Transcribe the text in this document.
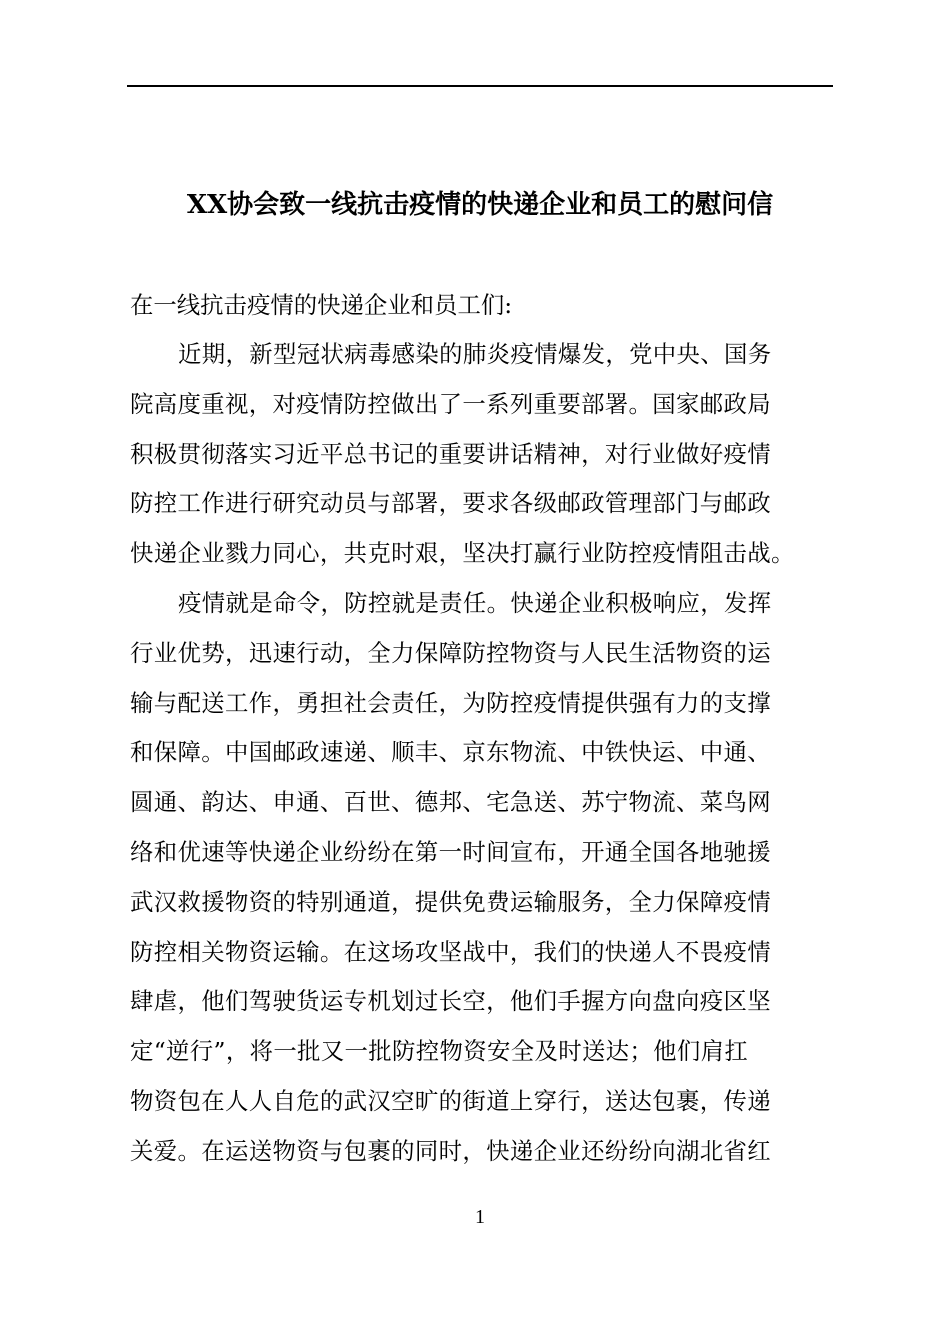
XX协会致一线抗击疫情的快递企业和员工的慰问信
在一线抗击疫情的快递企业和员工们:
近期，新型冠状病毒感染的肺炎疫情爆发，党中央、国务
院高度重视，对疫情防控做出了一系列重要部署。国家邮政局
积极贯彻落实习近平总书记的重要讲话精神，对行业做好疫情
防控工作进行研究动员与部署，要求各级邮政管理部门与邮政
快递企业戮力同心，共克时艰，坚决打赢行业防控疫情阻击战。
疫情就是命令，防控就是责任。快递企业积极响应，发挥
行业优势，迅速行动，全力保障防控物资与人民生活物资的运
输与配送工作，勇担社会责任，为防控疫情提供强有力的支撑
和保障。中国邮政速递、顺丰、京东物流、中铁快运、中通、
圆通、韵达、申通、百世、德邦、宅急送、苏宁物流、菜鸟网
络和优速等快递企业纷纷在第一时间宣布，开通全国各地驰援
武汉救援物资的特别通道，提供免费运输服务，全力保障疫情
防控相关物资运输。在这场攻坚战中，我们的快递人不畏疫情
肆虐，他们驾驶货运专机划过长空，他们手握方向盘向疫区坚
定“逆行”，将一批又一批防控物资安全及时送达；他们肩扛
物资包在人人自危的武汉空旷的街道上穿行，送达包裹，传递
关爱。在运送物资与包裹的同时，快递企业还纷纷向湖北省红
1
